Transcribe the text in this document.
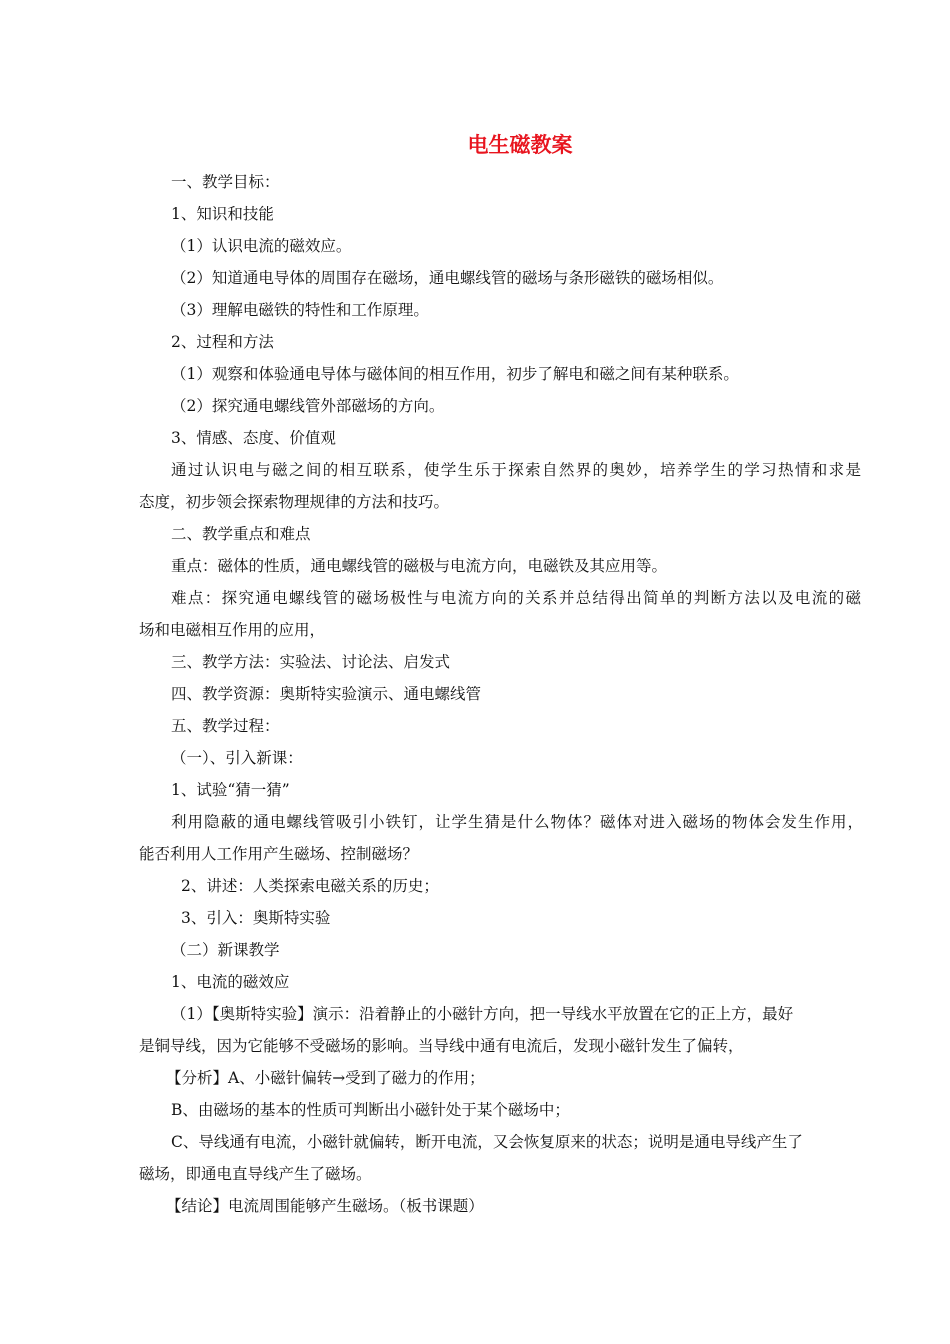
电生磁教案
一、教学目标：
1、知识和技能
（1）认识电流的磁效应。
（2）知道通电导体的周围存在磁场，通电螺线管的磁场与条形磁铁的磁场相似。
（3）理解电磁铁的特性和工作原理。
2、过程和方法
（1）观察和体验通电导体与磁体间的相互作用，初步了解电和磁之间有某种联系。
（2）探究通电螺线管外部磁场的方向。
3、情感、态度、价值观
通过认识电与磁之间的相互联系，使学生乐于探索自然界的奥妙，培养学生的学习热情和求是
态度，初步领会探索物理规律的方法和技巧。
二、教学重点和难点
重点：磁体的性质，通电螺线管的磁极与电流方向，电磁铁及其应用等。
难点：探究通电螺线管的磁场极性与电流方向的关系并总结得出简单的判断方法以及电流的磁
场和电磁相互作用的应用，
三、教学方法：实验法、讨论法、启发式
四、教学资源：奥斯特实验演示、通电螺线管
五、教学过程：
（一）、引入新课：
1、试验“猜一猜”
利用隐蔽的通电螺线管吸引小铁钉，让学生猜是什么物体？磁体对进入磁场的物体会发生作用，
能否利用人工作用产生磁场、控制磁场？
2、讲述：人类探索电磁关系的历史；
3、引入：奥斯特实验
（二）新课教学
1、电流的磁效应
（1）【奥斯特实验】演示：沿着静止的小磁针方向，把一导线水平放置在它的正上方，最好
是铜导线，因为它能够不受磁场的影响。当导线中通有电流后，发现小磁针发生了偏转，
【分析】A、小磁针偏转→受到了磁力的作用；
B、由磁场的基本的性质可判断出小磁针处于某个磁场中；
C、导线通有电流，小磁针就偏转，断开电流，又会恢复原来的状态；说明是通电导线产生了
磁场，即通电直导线产生了磁场。
【结论】电流周围能够产生磁场。（板书课题）
